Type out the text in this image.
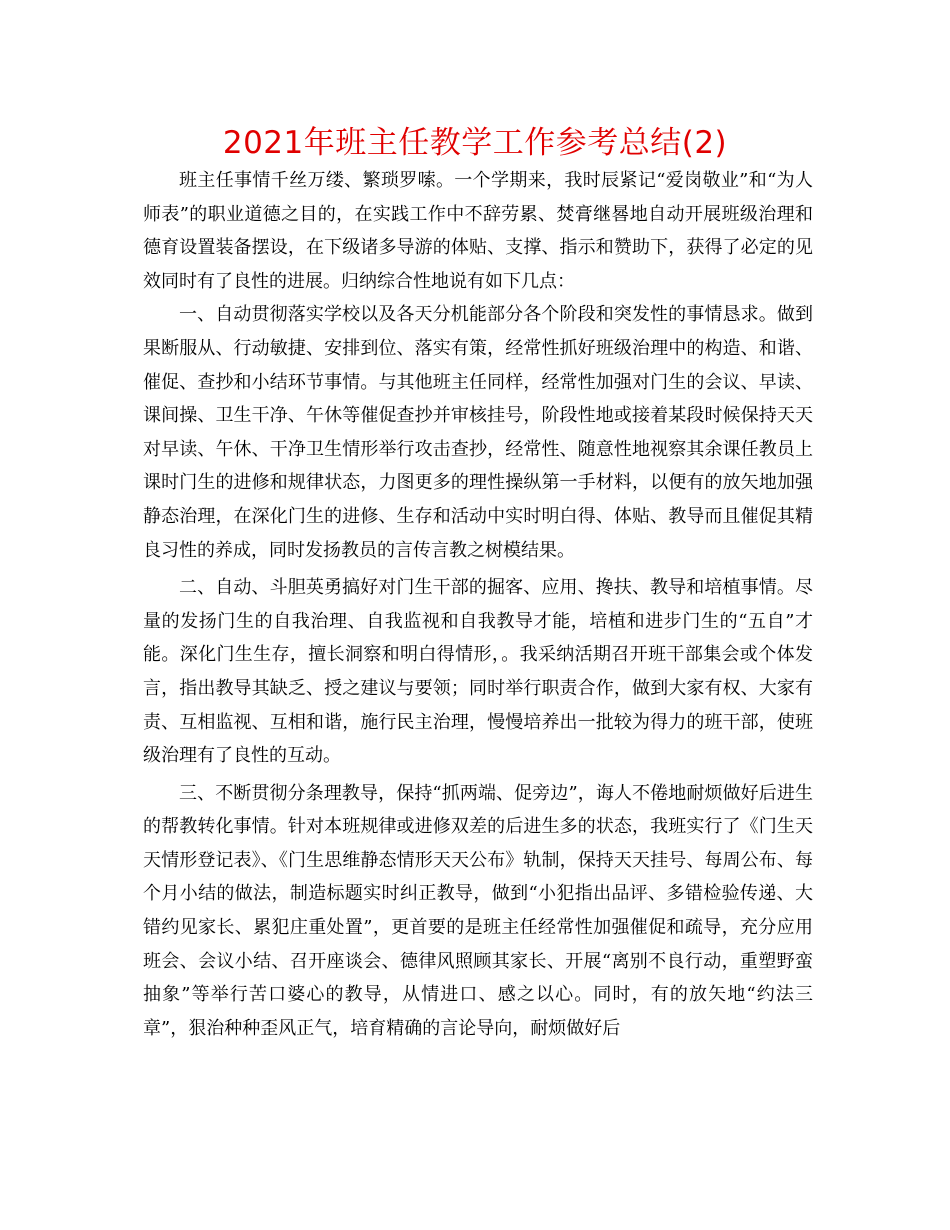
2021年班主任教学工作参考总结(2)

班主任事情千丝万缕、繁琐罗嗦。一个学期来，我时辰紧记“爱岗敬业”和“为人师表”的职业道德之目的，在实践工作中不辞劳累、焚膏继晷地自动开展班级治理和德育设置装备摆设，在下级诸多导游的体贴、支撑、指示和赞助下，获得了必定的见效同时有了良性的进展。归纳综合性地说有如下几点：

一、自动贯彻落实学校以及各天分机能部分各个阶段和突发性的事情恳求。做到果断服从、行动敏捷、安排到位、落实有策，经常性抓好班级治理中的构造、和谐、催促、查抄和小结环节事情。与其他班主任同样，经常性加强对门生的会议、早读、课间操、卫生干净、午休等催促查抄并审核挂号，阶段性地或接着某段时候保持天天对早读、午休、干净卫生情形举行攻击查抄，经常性、随意性地视察其余课任教员上课时门生的进修和规律状态，力图更多的理性操纵第一手材料，以便有的放矢地加强静态治理，在深化门生的进修、生存和活动中实时明白得、体贴、教导而且催促其精良习性的养成，同时发扬教员的言传言教之树模结果。

二、自动、斗胆英勇搞好对门生干部的掘客、应用、搀扶、教导和培植事情。尽量的发扬门生的自我治理、自我监视和自我教导才能，培植和进步门生的“五自”才能。深化门生生存，擅长洞察和明白得情形，。我采纳活期召开班干部集会或个体发言，指出教导其缺乏、授之建议与要领；同时举行职责合作，做到大家有权、大家有责、互相监视、互相和谐，施行民主治理，慢慢培养出一批较为得力的班干部，使班级治理有了良性的互动。

三、不断贯彻分条理教导，保持“抓两端、促旁边”，诲人不倦地耐烦做好后进生的帮教转化事情。针对本班规律或进修双差的后进生多的状态，我班实行了《门生天天情形登记表》、《门生思维静态情形天天公布》轨制，保持天天挂号、每周公布、每个月小结的做法，制造标题实时纠正教导，做到“小犯指出品评、多错检验传递、大错约见家长、累犯庄重处置”，更首要的是班主任经常性加强催促和疏导，充分应用班会、会议小结、召开座谈会、德律风照顾其家长、开展“离别不良行动，重塑野蛮抽象”等举行苦口婆心的教导，从情进口、感之以心。同时，有的放矢地“约法三章”，狠治种种歪风正气，培育精确的言论导向，耐烦做好后
